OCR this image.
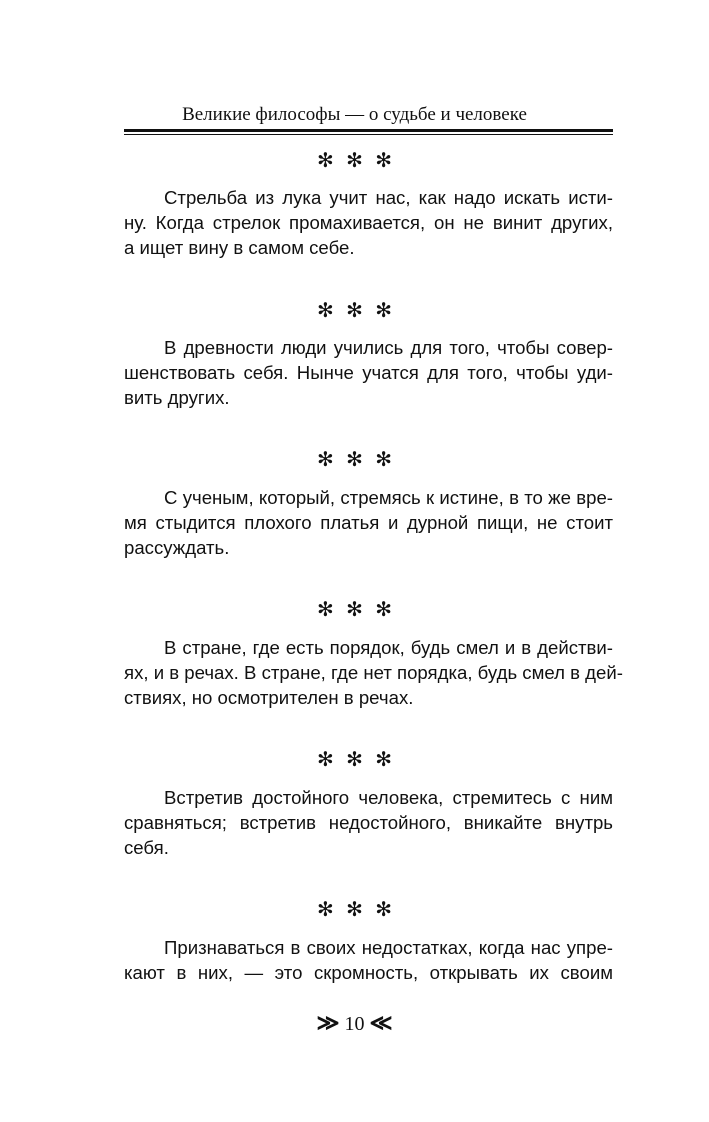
Великие философы — о судьбе и человеке
✻ ✻ ✻

Стрельба из лука учит нас, как надо искать исти-
ну. Когда стрелок промахивается, он не винит других,
а ищет вину в самом себе.

✻ ✻ ✻

В древности люди учились для того, чтобы совер-
шенствовать себя. Нынче учатся для того, чтобы уди-
вить других.

✻ ✻ ✻

С ученым, который, стремясь к истине, в то же вре-
мя стыдится плохого платья и дурной пищи, не стоит
рассуждать.

✻ ✻ ✻

В стране, где есть порядок, будь смел и в действи-
ях, и в речах. В стране, где нет порядка, будь смел в дей-
ствиях, но осмотрителен в речах.

✻ ✻ ✻

Встретив достойного человека, стремитесь с ним
сравняться; встретив недостойного, вникайте внутрь
себя.

✻ ✻ ✻

Признаваться в своих недостатках, когда нас упре-
кают в них, — это скромность, открывать их своим

≫ 10 ≪
